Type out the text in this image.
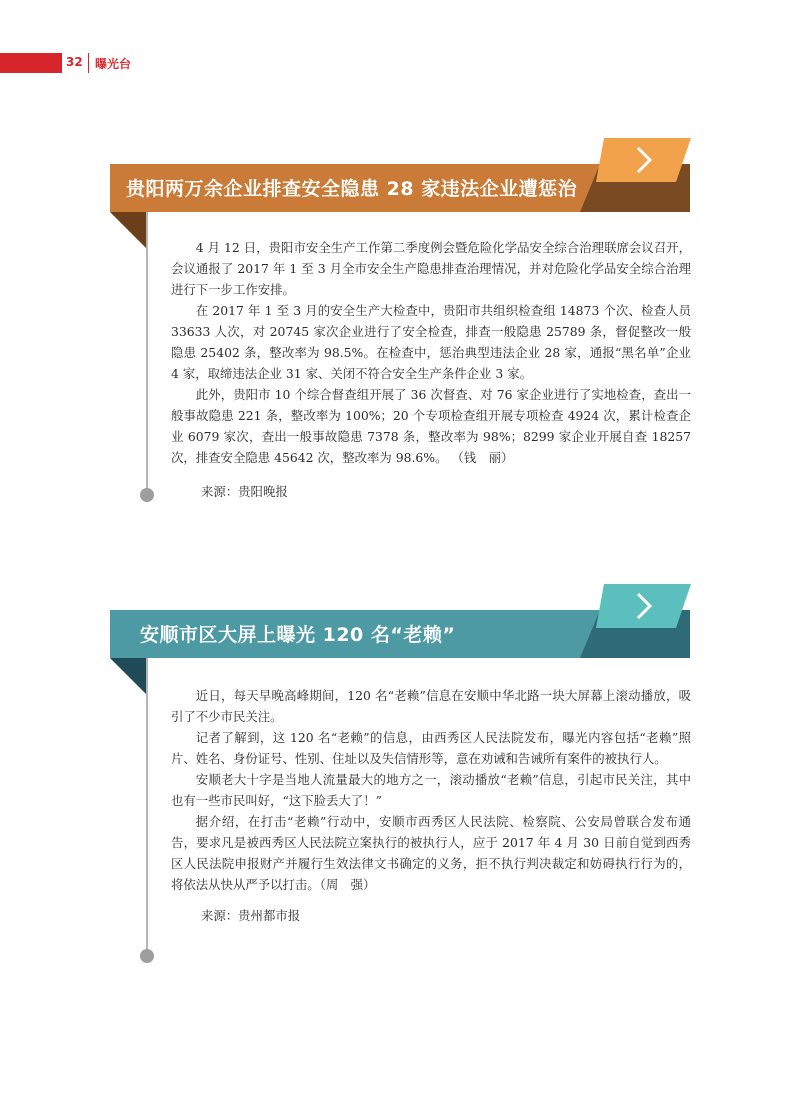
32 曝光台
贵阳两万余企业排查安全隐患 28 家违法企业遭惩治

4 月 12 日，贵阳市安全生产工作第二季度例会暨危险化学品安全综合治理联席会议召开，会议通报了 2017 年 1 至 3 月全市安全生产隐患排查治理情况，并对危险化学品安全综合治理进行下一步工作安排。

在 2017 年 1 至 3 月的安全生产大检查中，贵阳市共组织检查组 14873 个次、检查人员 33633 人次，对 20745 家次企业进行了安全检查，排查一般隐患 25789 条，督促整改一般隐患 25402 条，整改率为 98.5%。在检查中，惩治典型违法企业 28 家，通报“黑名单”企业 4 家，取缔违法企业 31 家、关闭不符合安全生产条件企业 3 家。

此外，贵阳市 10 个综合督查组开展了 36 次督查、对 76 家企业进行了实地检查，查出一般事故隐患 221 条，整改率为 100%；20 个专项检查组开展专项检查 4924 次，累计检查企业 6079 家次，查出一般事故隐患 7378 条，整改率为 98%；8299 家企业开展自查 18257 次，排查安全隐患 45642 次，整改率为 98.6%。 （钱　丽）

来源：贵阳晚报
安顺市区大屏上曝光 120 名“老赖”

近日，每天早晚高峰期间，120 名“老赖”信息在安顺中华北路一块大屏幕上滚动播放，吸引了不少市民关注。

记者了解到，这 120 名“老赖”的信息，由西秀区人民法院发布，曝光内容包括“老赖”照片、姓名、身份证号、性别、住址以及失信情形等，意在劝诫和告诫所有案件的被执行人。

安顺老大十字是当地人流量最大的地方之一，滚动播放“老赖”信息，引起市民关注，其中也有一些市民叫好，“这下脸丢大了！”

据介绍，在打击“老赖”行动中，安顺市西秀区人民法院、检察院、公安局曾联合发布通告，要求凡是被西秀区人民法院立案执行的被执行人，应于 2017 年 4 月 30 日前自觉到西秀区人民法院申报财产并履行生效法律文书确定的义务，拒不执行判决裁定和妨碍执行行为的，将依法从快从严予以打击。（周　强）

来源：贵州都市报
